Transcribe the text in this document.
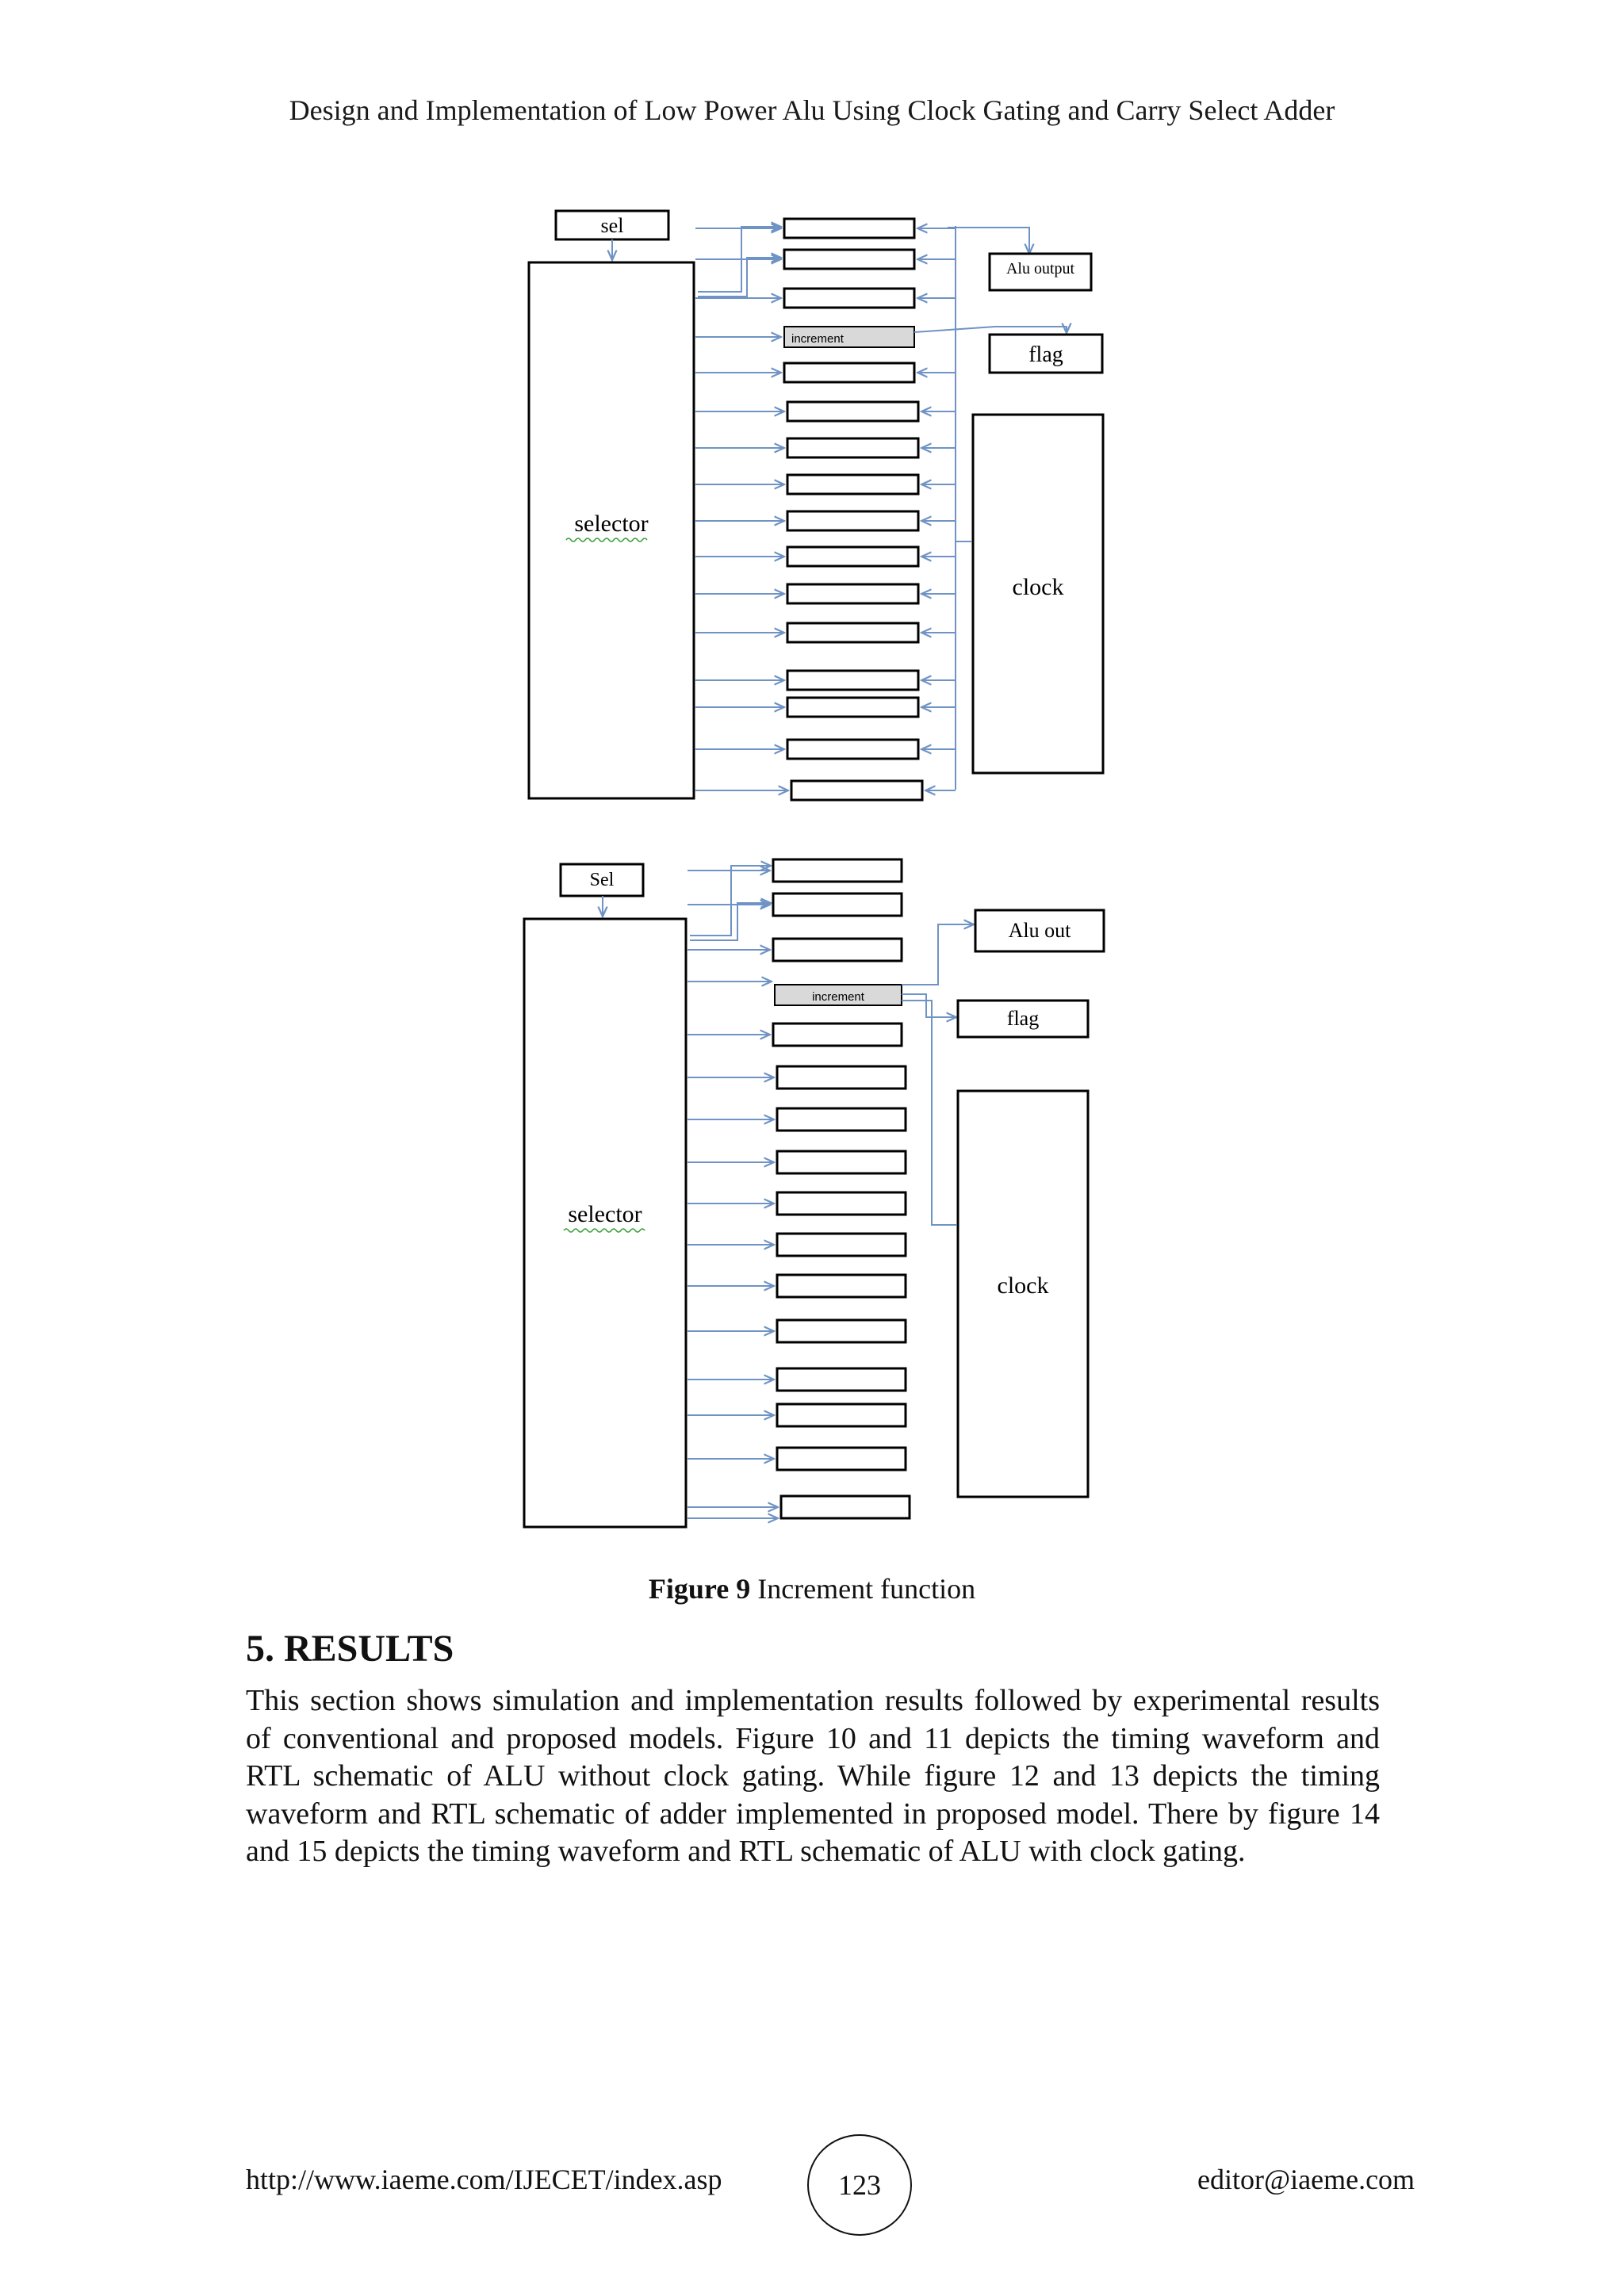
Design and Implementation of Low Power Alu Using Clock Gating and Carry Select Adder
sel
selector
increment
Alu output
flag
clock
Sel
selector
increment
Alu out
flag
clock
Figure 9 Increment function
5. RESULTS
This section shows simulation and implementation results followed by experimental results of conventional and proposed models. Figure 10 and 11 depicts the timing waveform and RTL schematic of ALU without clock gating. While figure 12 and 13 depicts the timing waveform and RTL schematic of adder implemented in proposed model. There by figure 14 and 15 depicts the timing waveform and RTL schematic of ALU with clock gating.
http://www.iaeme.com/IJECET/index.asp	123	editor@iaeme.com
